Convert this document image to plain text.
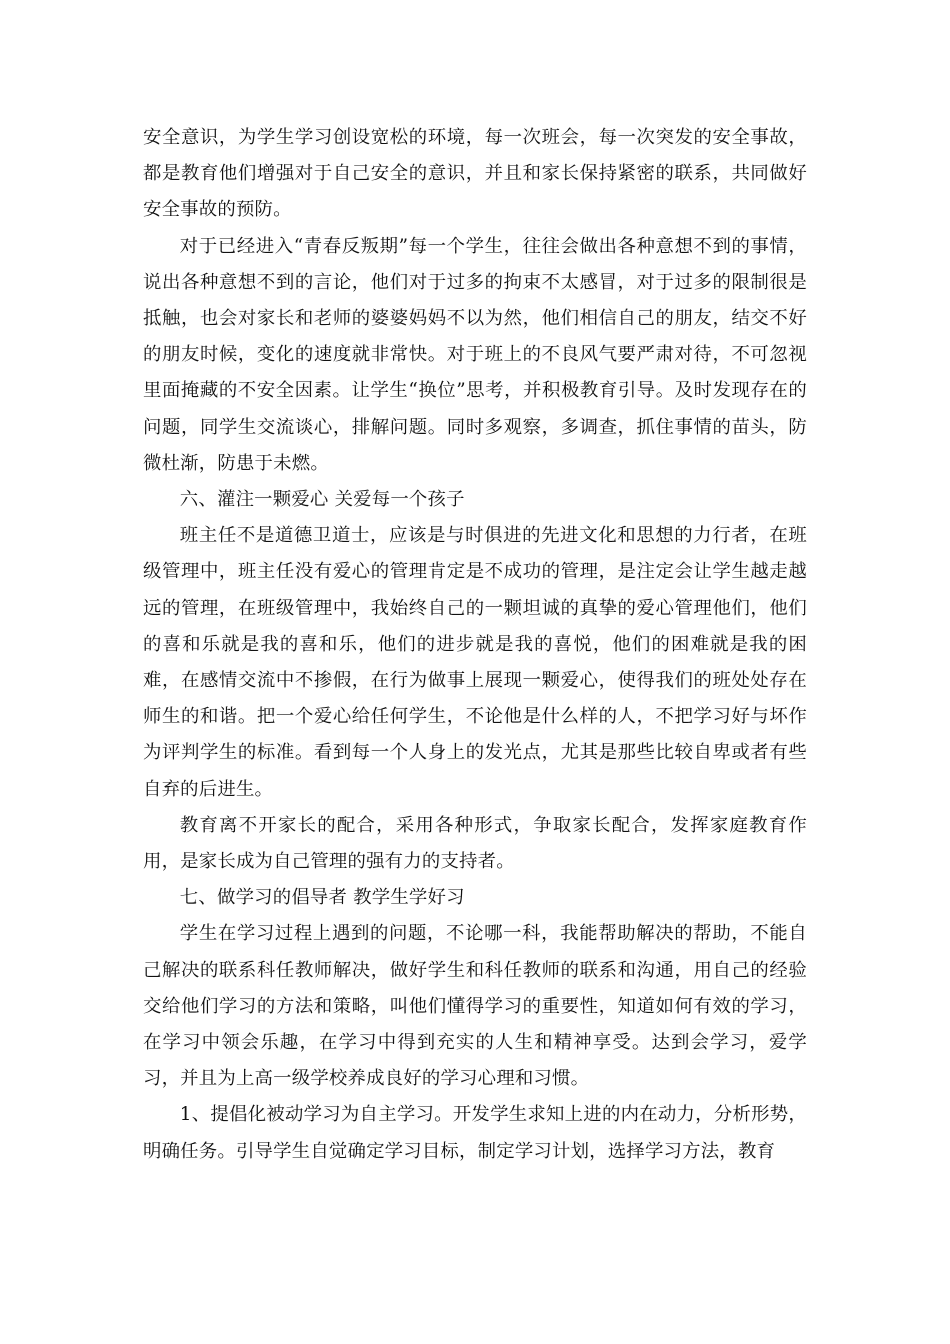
安全意识，为学生学习创设宽松的环境，每一次班会，每一次突发的安全事故，都是教育他们增强对于自己安全的意识，并且和家长保持紧密的联系，共同做好安全事故的预防。

对于已经进入“青春反叛期”每一个学生，往往会做出各种意想不到的事情，说出各种意想不到的言论，他们对于过多的拘束不太感冒，对于过多的限制很是抵触，也会对家长和老师的婆婆妈妈不以为然，他们相信自己的朋友，结交不好的朋友时候，变化的速度就非常快。对于班上的不良风气要严肃对待，不可忽视里面掩藏的不安全因素。让学生“换位”思考，并积极教育引导。及时发现存在的问题，同学生交流谈心，排解问题。同时多观察，多调查，抓住事情的苗头，防微杜渐，防患于未燃。

六、灌注一颗爱心 关爱每一个孩子

班主任不是道德卫道士，应该是与时俱进的先进文化和思想的力行者，在班级管理中，班主任没有爱心的管理肯定是不成功的管理，是注定会让学生越走越远的管理，在班级管理中，我始终自己的一颗坦诚的真挚的爱心管理他们，他们的喜和乐就是我的喜和乐，他们的进步就是我的喜悦，他们的困难就是我的困难，在感情交流中不掺假，在行为做事上展现一颗爱心，使得我们的班处处存在师生的和谐。把一个爱心给任何学生，不论他是什么样的人，不把学习好与坏作为评判学生的标准。看到每一个人身上的发光点，尤其是那些比较自卑或者有些自弃的后进生。

教育离不开家长的配合，采用各种形式，争取家长配合，发挥家庭教育作用，是家长成为自己管理的强有力的支持者。

七、做学习的倡导者 教学生学好习

学生在学习过程上遇到的问题，不论哪一科，我能帮助解决的帮助，不能自己解决的联系科任教师解决，做好学生和科任教师的联系和沟通，用自己的经验交给他们学习的方法和策略，叫他们懂得学习的重要性，知道如何有效的学习，在学习中领会乐趣，在学习中得到充实的人生和精神享受。达到会学习，爱学习，并且为上高一级学校养成良好的学习心理和习惯。

1、提倡化被动学习为自主学习。开发学生求知上进的内在动力，分析形势，明确任务。引导学生自觉确定学习目标，制定学习计划，选择学习方法，教育
